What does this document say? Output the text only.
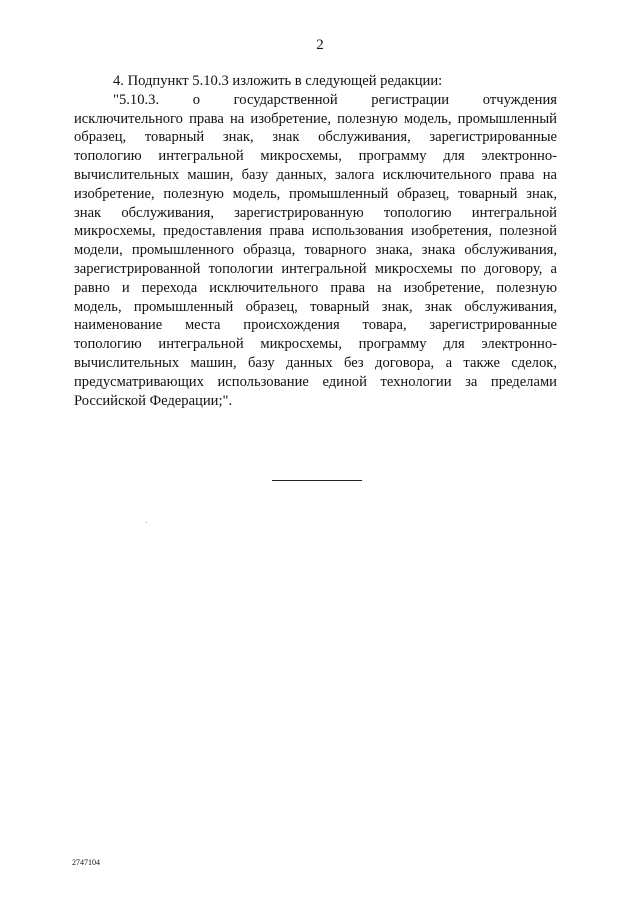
2
4. Подпункт 5.10.3 изложить в следующей редакции:
"5.10.3. о государственной регистрации отчуждения
исключительного права на изобретение, полезную модель, промышленный
образец, товарный знак, знак обслуживания, зарегистрированные
топологию интегральной микросхемы, программу для электронно-
вычислительных машин, базу данных, залога исключительного права на
изобретение, полезную модель, промышленный образец, товарный знак,
знак обслуживания, зарегистрированную топологию интегральной
микросхемы, предоставления права использования изобретения, полезной
модели, промышленного образца, товарного знака, знака обслуживания,
зарегистрированной топологии интегральной микросхемы по договору, а
равно и перехода исключительного права на изобретение, полезную
модель, промышленный образец, товарный знак, знак обслуживания,
наименование места происхождения товара, зарегистрированные
топологию интегральной микросхемы, программу для электронно-
вычислительных машин, базу данных без договора, а также сделок,
предусматривающих использование единой технологии за пределами
Российской Федерации;".
2747104
